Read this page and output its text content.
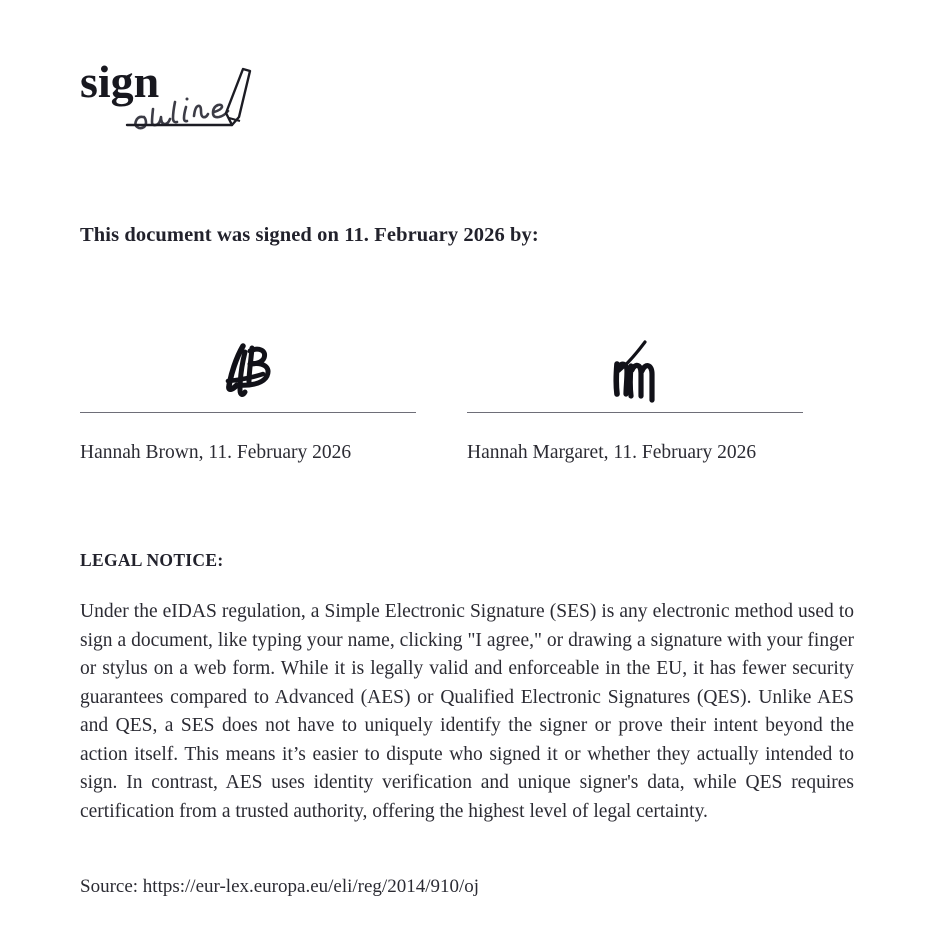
sign
This document was signed on 11. February 2026 by:
Hannah Brown, 11. February 2026	Hannah Margaret, 11. February 2026
LEGAL NOTICE:
Under the eIDAS regulation, a Simple Electronic Signature (SES) is any electronic method used to sign a document, like typing your name, clicking "I agree," or drawing a signature with your finger or stylus on a web form. While it is legally valid and enforceable in the EU, it has fewer security guarantees compared to Advanced (AES) or Qualified Electronic Signatures (QES). Unlike AES and QES, a SES does not have to uniquely identify the signer or prove their intent beyond the action itself. This means it’s easier to dispute who signed it or whether they actually intended to sign. In contrast, AES uses identity verification and unique signer's data, while QES requires certification from a trusted authority, offering the highest level of legal certainty.
Source: https://eur-lex.europa.eu/eli/reg/2014/910/oj
